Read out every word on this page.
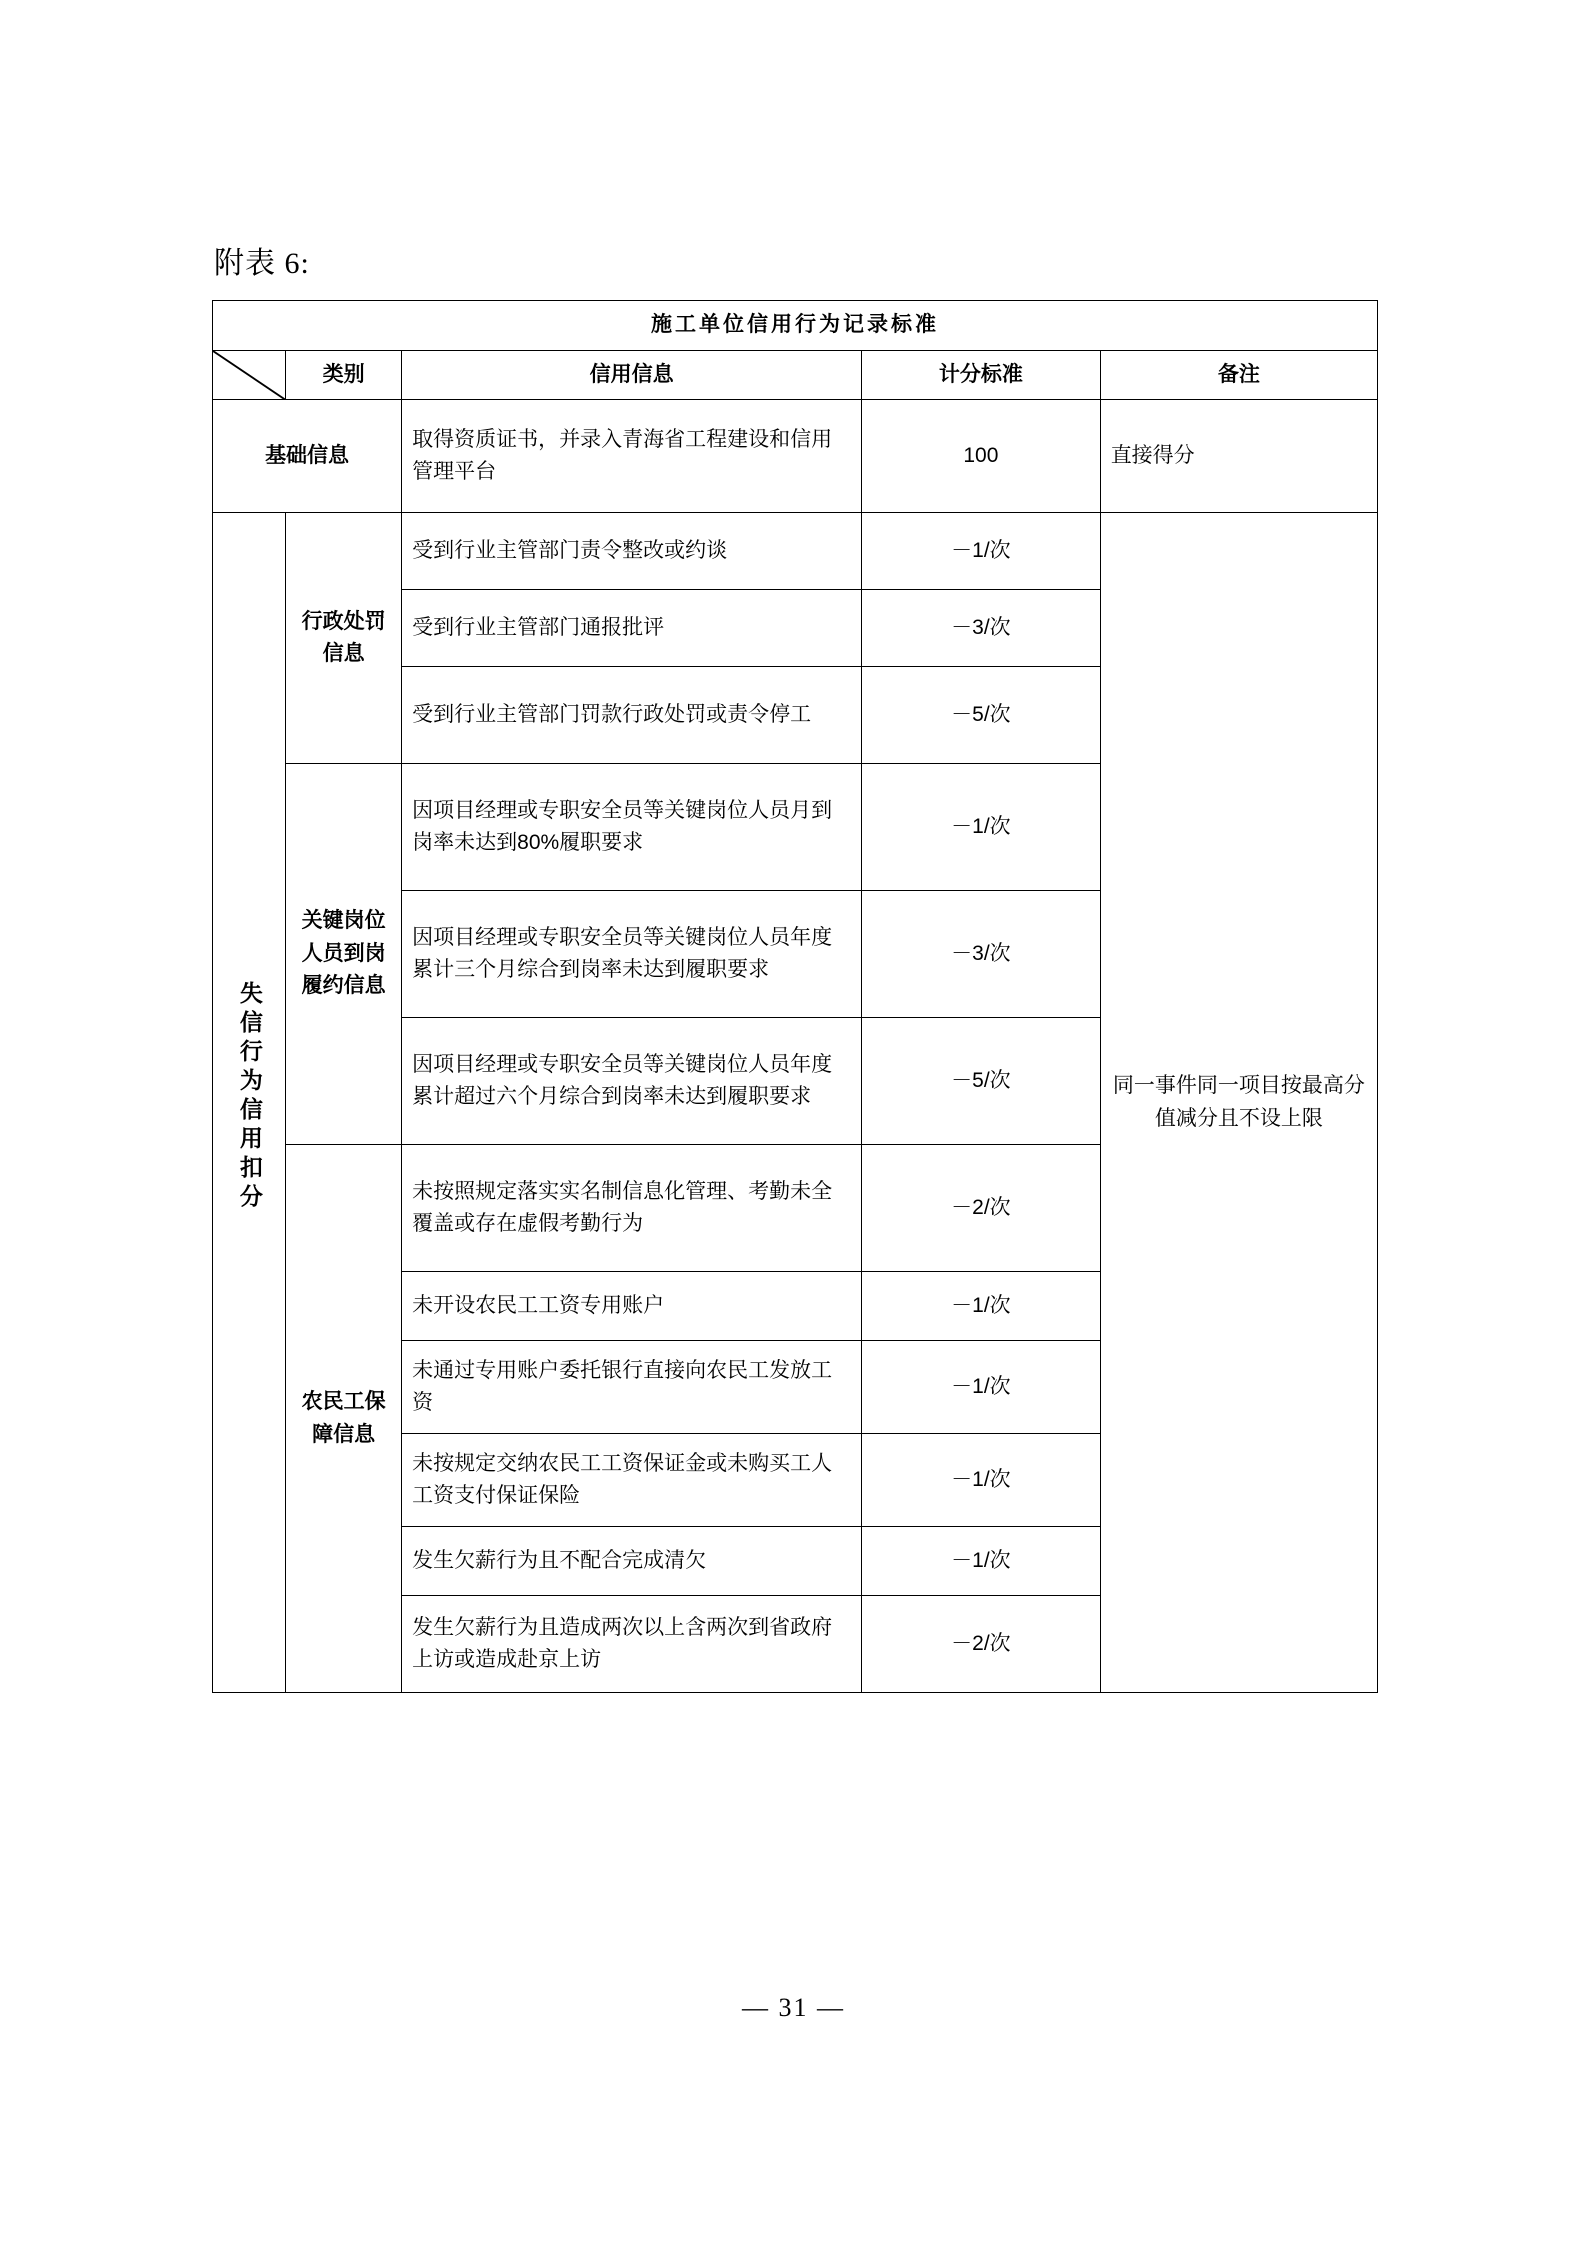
附表 6:
施工单位信用行为记录标准				

	类别	信用信息	计分标准	备注
基础信息		取得资质证书，并录入青海省工程建设和信用管理平台	100	直接得分
失信行为信用扣分	行政处罚信息	受到行业主管部门责令整改或约谈	－1/次	同一事件同一项目按最高分值减分且不设上限
		受到行业主管部门通报批评	－3/次	
		受到行业主管部门罚款行政处罚或责令停工	－5/次	

	关键岗位人员到岗履约信息	因项目经理或专职安全员等关键岗位人员月到岗率未达到80%履职要求	－1/次	
		因项目经理或专职安全员等关键岗位人员年度累计三个月综合到岗率未达到履职要求	－3/次	
		因项目经理或专职安全员等关键岗位人员年度累计超过六个月综合到岗率未达到履职要求	－5/次	

	农民工保障信息	未按照规定落实实名制信息化管理、考勤未全覆盖或存在虚假考勤行为	－2/次	
		未开设农民工工资专用账户	－1/次	
		未通过专用账户委托银行直接向农民工发放工资	－1/次	
		未按规定交纳农民工工资保证金或未购买工人工资支付保证保险	－1/次	
		发生欠薪行为且不配合完成清欠	－1/次	
		发生欠薪行为且造成两次以上含两次到省政府上访或造成赴京上访	－2/次	
— 31 —
